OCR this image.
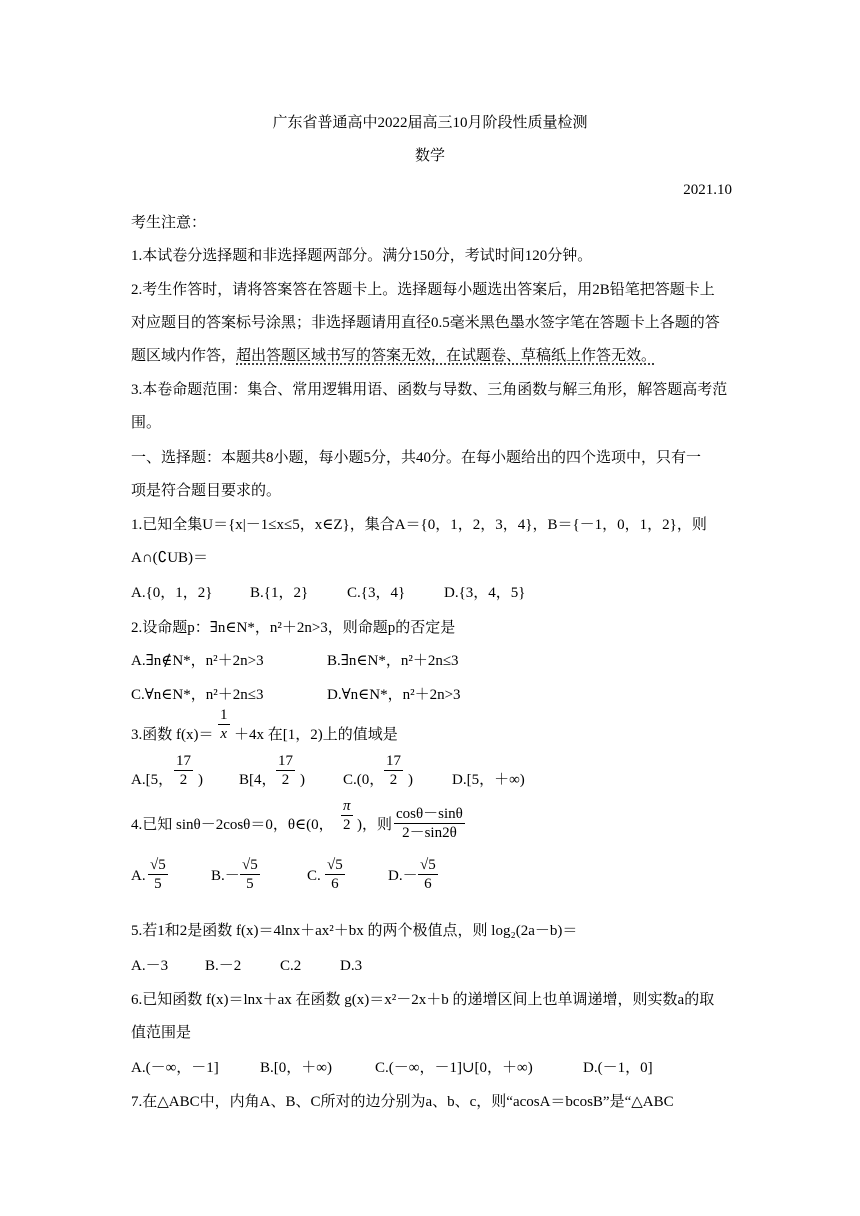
广东省普通高中2022届高三10月阶段性质量检测
数学
2021.10
考生注意：
1.本试卷分选择题和非选择题两部分。满分150分，考试时间120分钟。
2.考生作答时，请将答案答在答题卡上。选择题每小题选出答案后，用2B铅笔把答题卡上
对应题目的答案标号涂黑；非选择题请用直径0.5毫米黑色墨水签字笔在答题卡上各题的答
题区域内作答，超出答题区域书写的答案无效，在试题卷、草稿纸上作答无效。
3.本卷命题范围：集合、常用逻辑用语、函数与导数、三角函数与解三角形，解答题高考范
围。
一、选择题：本题共8小题，每小题5分，共40分。在每小题给出的四个选项中，只有一
项是符合题目要求的。
1.已知全集U＝{x|－1≤x≤5，x∈Z}，集合A＝{0，1，2，3，4}，B＝{－1，0，1，2}，则
A∩(∁UB)＝
A.{0，1，2}	B.{1，2}	C.{3，4}	D.{3，4，5}
2.设命题p：∃n∈N*，n²＋2n>3，则命题p的否定是
A.∃n∉N*，n²＋2n>3	B.∃n∈N*，n²＋2n≤3
C.∀n∈N*，n²＋2n≤3	D.∀n∈N*，n²＋2n>3
3.函数 $f(x)= \frac{1}{x} +4x$ 在[1，2)上的值域是
A.[5， $\frac{17}{2}$ ) B[4， $\frac{17}{2}$ )	C.(0， $\frac{17}{2}$ )	D.[5，＋∞)
4.已知 sinθ－2cosθ＝0，θ∈(0， $\frac{\pi}{2}$ )，则 $\frac{\cos\theta-\sin\theta}{2-\sin 2\theta}$
A. $\frac{√5}{5}$	$B.- \frac{√5}{5}$	C. $\frac{√5}{6}$	$D.- \frac{√5}{6}$
5.若1和2是函数 f(x)＝4lnx＋ax²＋bx 的两个极值点，则 log₂(2a－b)＝
A.－3 B.－2	C.2	D.3
6.已知函数 f(x)＝lnx＋ax 在函数 g(x)＝x²－2x＋b 的递增区间上也单调递增，则实数a的取
值范围是
A.(－∞，－1]	B.[0，＋∞)	C.(－∞，－1]∪[0，＋∞)	D.(－1，0]
7.在△ABC中，内角A、B、C所对的边分别为a、b、c，则“acosA＝bcosB”是“△ABC
